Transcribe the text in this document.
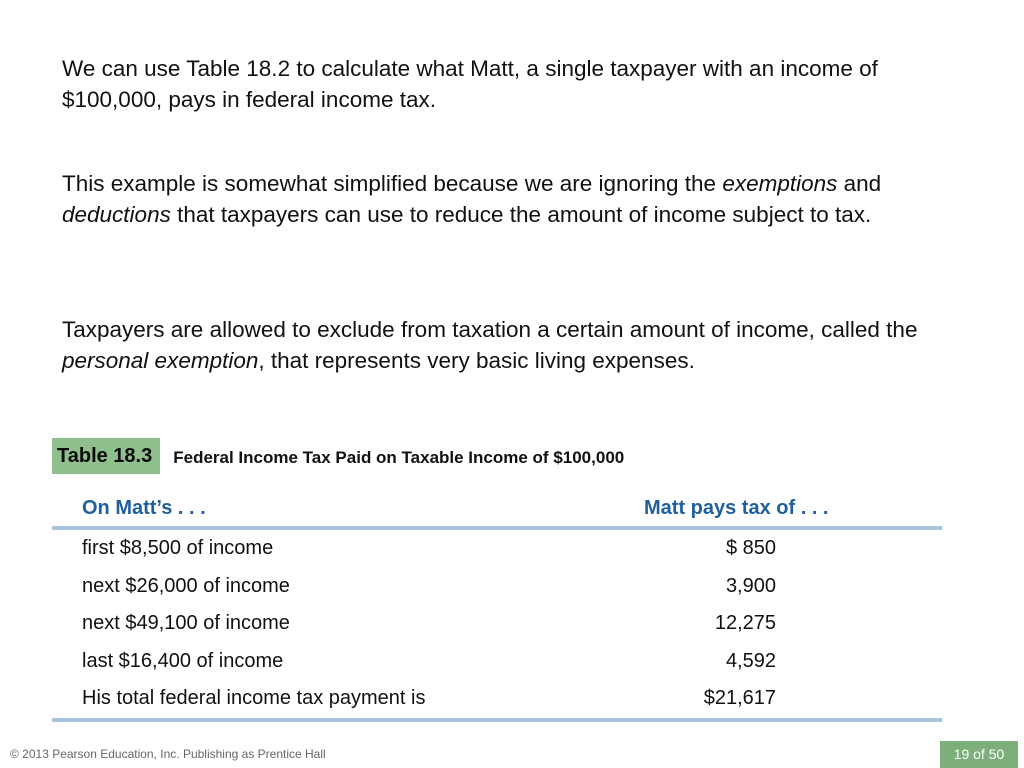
We can use Table 18.2 to calculate what Matt, a single taxpayer with an income of $100,000, pays in federal income tax.

This example is somewhat simplified because we are ignoring the exemptions and deductions that taxpayers can use to reduce the amount of income subject to tax.

Taxpayers are allowed to exclude from taxation a certain amount of income, called the personal exemption, that represents very basic living expenses.

Table 18.3	Federal Income Tax Paid on Taxable Income of $100,000
On Matt’s . . .	Matt pays tax of . . .
first $8,500 of income	$ 850
next $26,000 of income	3,900
next $49,100 of income	12,275
last $16,400 of income	4,592
His total federal income tax payment is	$21,617
© 2013 Pearson Education, Inc. Publishing as Prentice Hall	19 of 50
